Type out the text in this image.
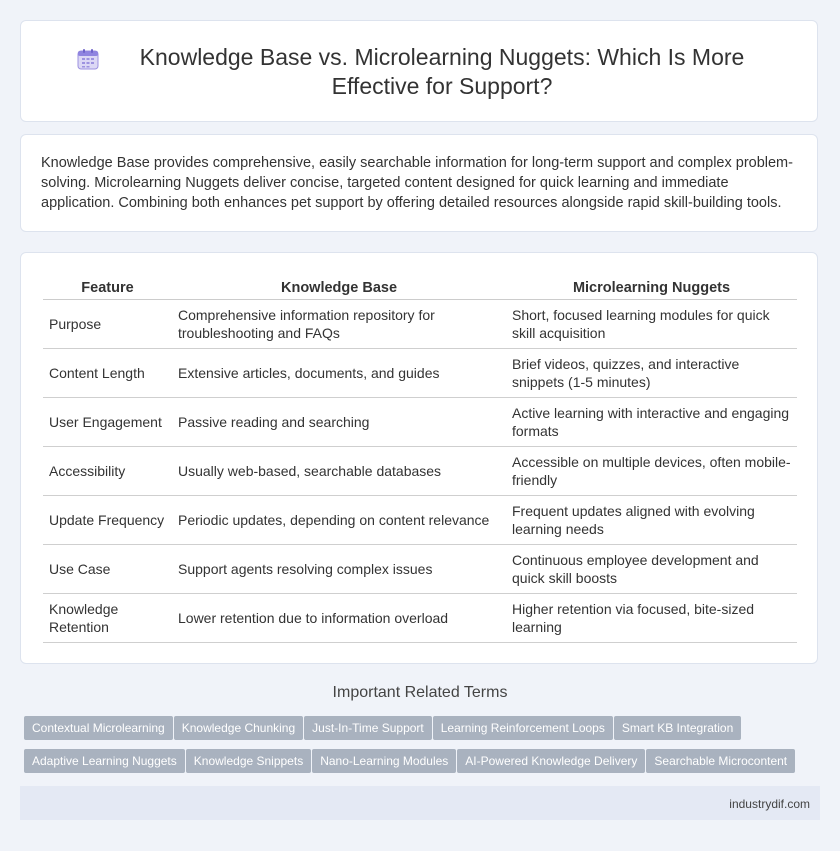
Knowledge Base vs. Microlearning Nuggets: Which Is More Effective for Support?

Knowledge Base provides comprehensive, easily searchable information for long-term support and complex problem-solving. Microlearning Nuggets deliver concise, targeted content designed for quick learning and immediate application. Combining both enhances pet support by offering detailed resources alongside rapid skill-building tools.

Feature	Knowledge Base	Microlearning Nuggets
Purpose	Comprehensive information repository for troubleshooting and FAQs	Short, focused learning modules for quick skill acquisition
Content Length	Extensive articles, documents, and guides	Brief videos, quizzes, and interactive snippets (1-5 minutes)
User Engagement	Passive reading and searching	Active learning with interactive and engaging formats
Accessibility	Usually web-based, searchable databases	Accessible on multiple devices, often mobile-friendly
Update Frequency	Periodic updates, depending on content relevance	Frequent updates aligned with evolving learning needs
Use Case	Support agents resolving complex issues	Continuous employee development and quick skill boosts
Knowledge Retention	Lower retention due to information overload	Higher retention via focused, bite-sized learning
Important Related Terms
Contextual Microlearning Knowledge Chunking Just-In-Time Support Learning Reinforcement Loops Smart KB Integration
Adaptive Learning Nuggets Knowledge Snippets Nano-Learning Modules AI-Powered Knowledge Delivery Searchable Microcontent
industrydif.com
